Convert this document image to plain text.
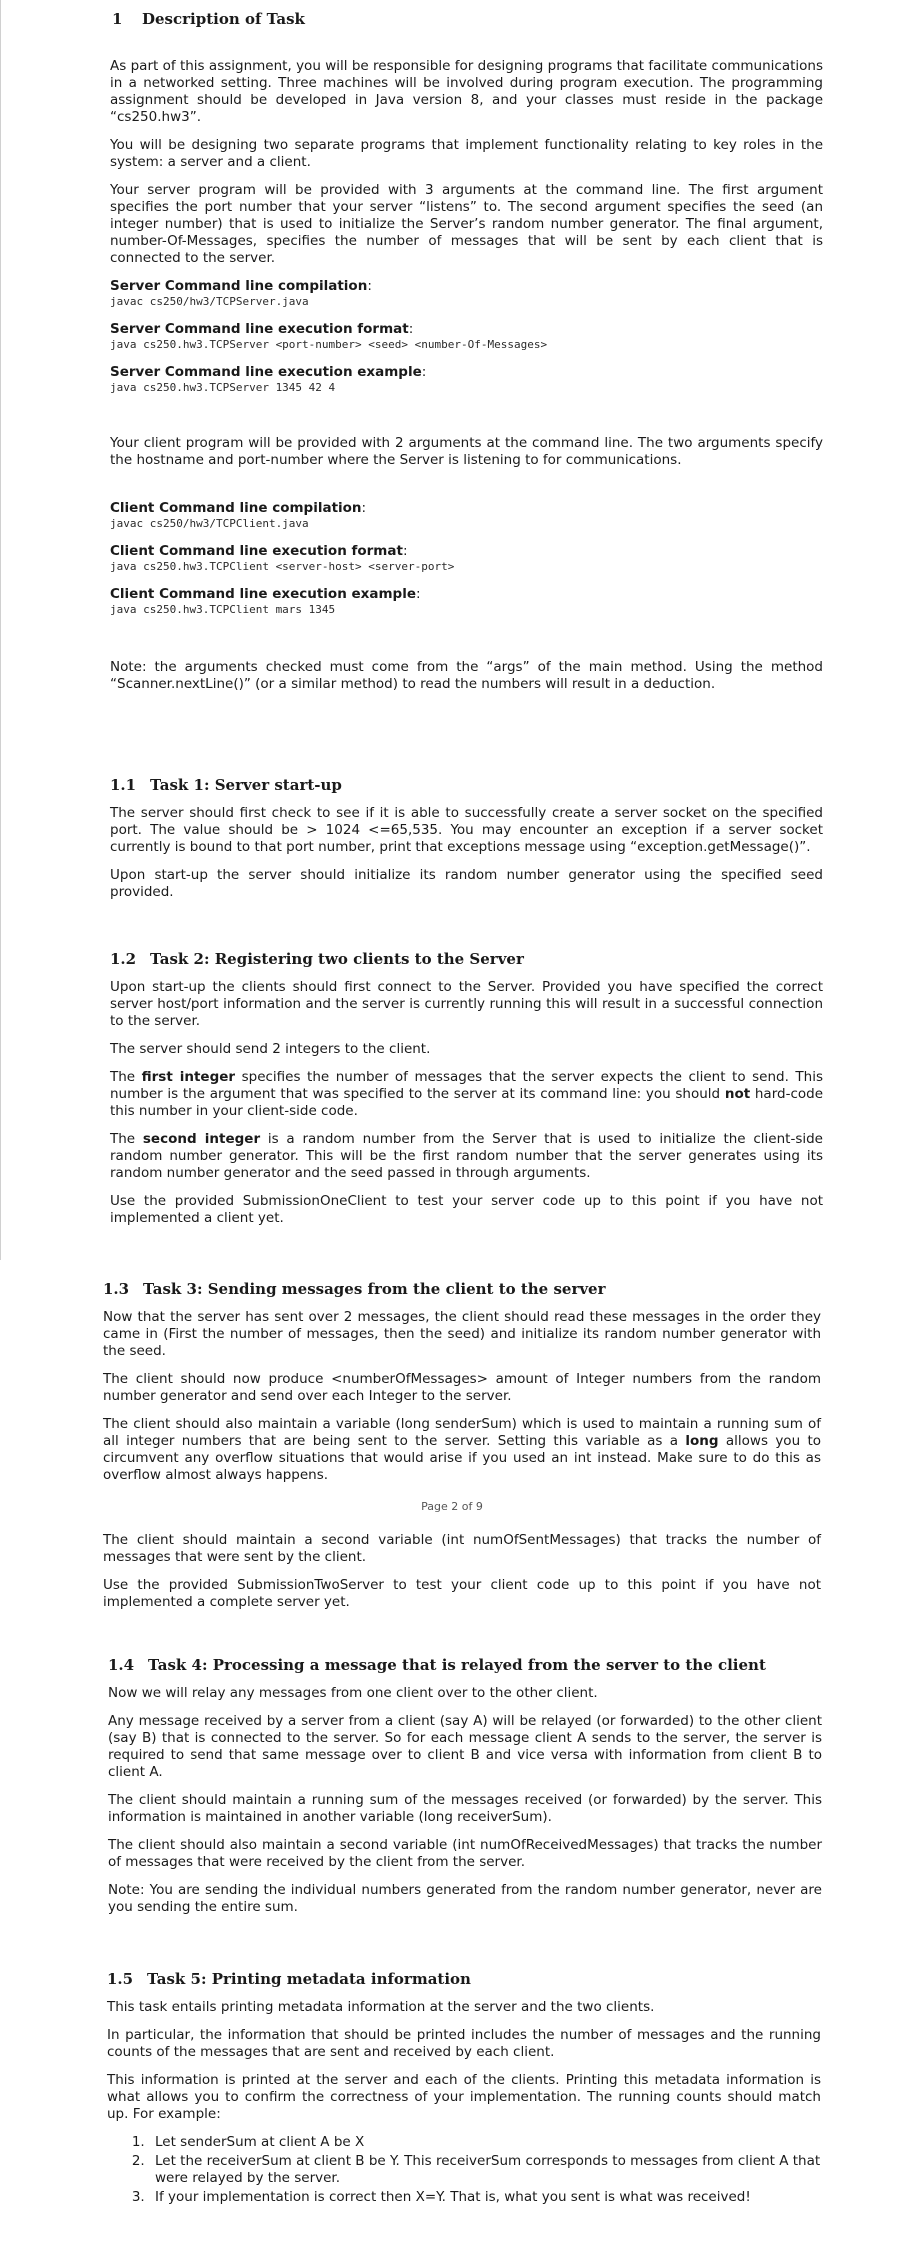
1 Description of Task

As part of this assignment, you will be responsible for designing programs that facilitate communications in a networked setting. Three machines will be involved during program execution. The programming assignment should be developed in Java version 8, and your classes must reside in the package “cs250.hw3”.

You will be designing two separate programs that implement functionality relating to key roles in the system: a server and a client.

Your server program will be provided with 3 arguments at the command line. The first argument specifies the port number that your server “listens” to. The second argument specifies the seed (an integer number) that is used to initialize the Server’s random number generator. The final argument, number-Of-Messages, specifies the number of messages that will be sent by each client that is connected to the server.

Server Command line compilation:
javac cs250/hw3/TCPServer.java
Server Command line execution format:
java cs250.hw3.TCPServer <port-number> <seed> <number-Of-Messages>
Server Command line execution example:
java cs250.hw3.TCPServer 1345 42 4

Your client program will be provided with 2 arguments at the command line. The two arguments specify the hostname and port-number where the Server is listening to for communications.

Client Command line compilation:
javac cs250/hw3/TCPClient.java
Client Command line execution format:
java cs250.hw3.TCPClient <server-host> <server-port>
Client Command line execution example:
java cs250.hw3.TCPClient mars 1345

Note: the arguments checked must come from the “args” of the main method. Using the method “Scanner.nextLine()” (or a similar method) to read the numbers will result in a deduction.

1.1 Task 1: Server start-up

The server should first check to see if it is able to successfully create a server socket on the specified port. The value should be > 1024 <=65,535. You may encounter an exception if a server socket currently is bound to that port number, print that exceptions message using “exception.getMessage()”.

Upon start-up the server should initialize its random number generator using the specified seed provided.

1.2 Task 2: Registering two clients to the Server

Upon start-up the clients should first connect to the Server. Provided you have specified the correct server host/port information and the server is currently running this will result in a successful connection to the server.

The server should send 2 integers to the client.

The first integer specifies the number of messages that the server expects the client to send. This number is the argument that was specified to the server at its command line: you should not hard-code this number in your client-side code.

The second integer is a random number from the Server that is used to initialize the client-side random number generator. This will be the first random number that the server generates using its random number generator and the seed passed in through arguments.

Use the provided SubmissionOneClient to test your server code up to this point if you have not implemented a client yet.

1.3 Task 3: Sending messages from the client to the server

Now that the server has sent over 2 messages, the client should read these messages in the order they came in (First the number of messages, then the seed) and initialize its random number generator with the seed.

The client should now produce <numberOfMessages> amount of Integer numbers from the random number generator and send over each Integer to the server.

The client should also maintain a variable (long senderSum) which is used to maintain a running sum of all integer numbers that are being sent to the server. Setting this variable as a long allows you to circumvent any overflow situations that would arise if you used an int instead. Make sure to do this as overflow almost always happens.

Page 2 of 9

The client should maintain a second variable (int numOfSentMessages) that tracks the number of messages that were sent by the client.

Use the provided SubmissionTwoServer to test your client code up to this point if you have not implemented a complete server yet.

1.4 Task 4: Processing a message that is relayed from the server to the client

Now we will relay any messages from one client over to the other client.

Any message received by a server from a client (say A) will be relayed (or forwarded) to the other client (say B) that is connected to the server. So for each message client A sends to the server, the server is required to send that same message over to client B and vice versa with information from client B to client A.

The client should maintain a running sum of the messages received (or forwarded) by the server. This information is maintained in another variable (long receiverSum).

The client should also maintain a second variable (int numOfReceivedMessages) that tracks the number of messages that were received by the client from the server.

Note: You are sending the individual numbers generated from the random number generator, never are you sending the entire sum.

1.5 Task 5: Printing metadata information

This task entails printing metadata information at the server and the two clients.

In particular, the information that should be printed includes the number of messages and the running counts of the messages that are sent and received by each client.

This information is printed at the server and each of the clients. Printing this metadata information is what allows you to confirm the correctness of your implementation. The running counts should match up. For example:

1. Let senderSum at client A be X
2. Let the receiverSum at client B be Y. This receiverSum corresponds to messages from client A that were relayed by the server.
3. If your implementation is correct then X=Y. That is, what you sent is what was received!
